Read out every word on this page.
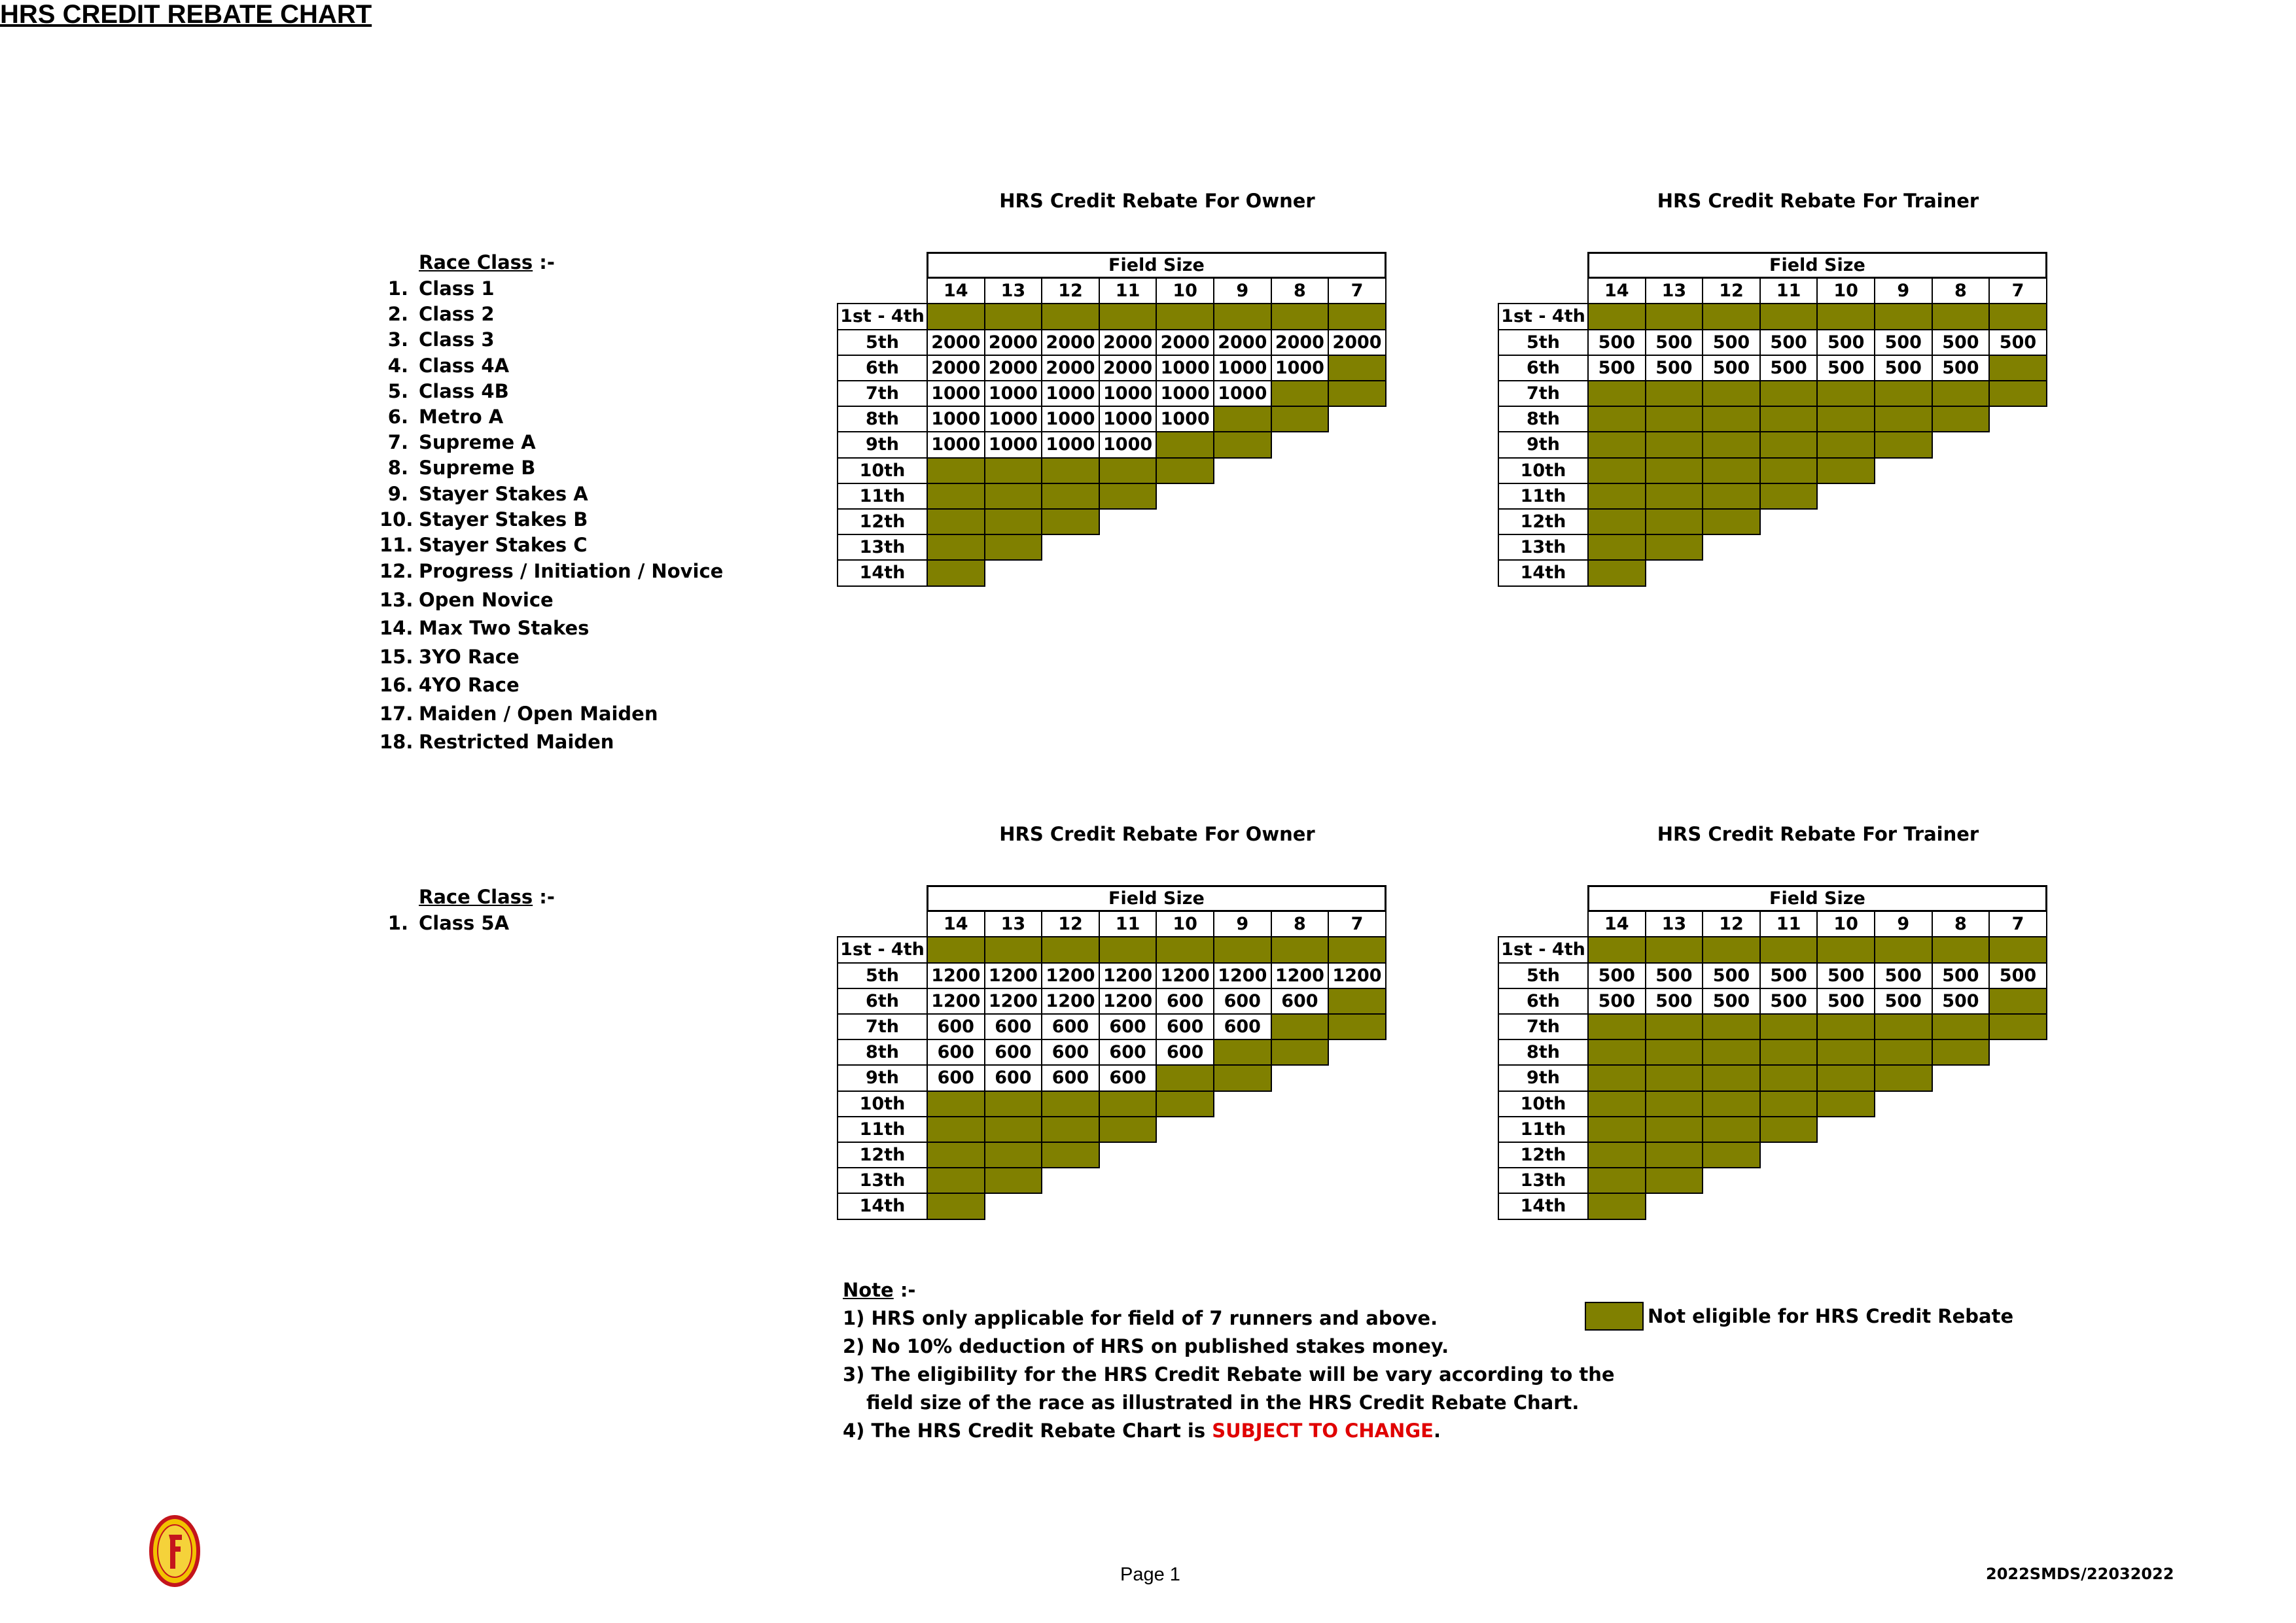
HRS CREDIT REBATE CHART
Race Class :-
1. Class 1
2. Class 2
3. Class 3
4. Class 4A
5. Class 4B
6. Metro A
7. Supreme A
8. Supreme B
9. Stayer Stakes A
10. Stayer Stakes B
11. Stayer Stakes C
12. Progress / Initiation / Novice
13. Open Novice
14. Max Two Stakes
15. 3YO Race
16. 4YO Race
17. Maiden / Open Maiden
18. Restricted Maiden
Race Class :-
1. Class 5A
HRS Credit Rebate For Owner	HRS Credit Rebate For Trainer
HRS Credit Rebate For Owner	HRS Credit Rebate For Trainer
Field Size
14	13	12	11	10	9	8	7
1st - 4th
5th	2000 2000 2000 2000 2000 2000 2000 2000
6th	2000 2000 2000 2000 1000 1000 1000
7th	1000 1000 1000 1000 1000 1000
8th	1000 1000 1000 1000 1000
9th	1000 1000 1000 1000
10th
11th
12th
13th
14th
Field Size
14	13	12	11	10	9	8	7
1st - 4th
5th	500	500	500	500	500	500	500	500
6th	500	500	500	500	500	500	500
7th
8th
9th
10th
11th
12th
13th
14th
Field Size
14	13	12	11	10	9	8	7
1st - 4th
5th	1200 1200 1200 1200 1200 1200 1200 1200
6th	1200 1200 1200 1200 600	600	600
7th	600	600	600	600	600	600
8th	600	600	600	600	600
9th	600	600	600	600
10th
11th
12th
13th
14th
Field Size
14	13	12	11	10	9	8	7
1st - 4th
5th	500	500	500	500	500	500	500	500
6th	500	500	500	500	500	500	500
7th
8th
9th
10th
11th
12th
13th
14th
Note :-
1) HRS only applicable for field of 7 runners and above.
2) No 10% deduction of HRS on published stakes money.
3) The eligibility for the HRS Credit Rebate will be vary according to the
field size of the race as illustrated in the HRS Credit Rebate Chart.
4) The HRS Credit Rebate Chart is SUBJECT TO CHANGE.
Not eligible for HRS Credit Rebate
Page 1	2022SMDS/22032022
